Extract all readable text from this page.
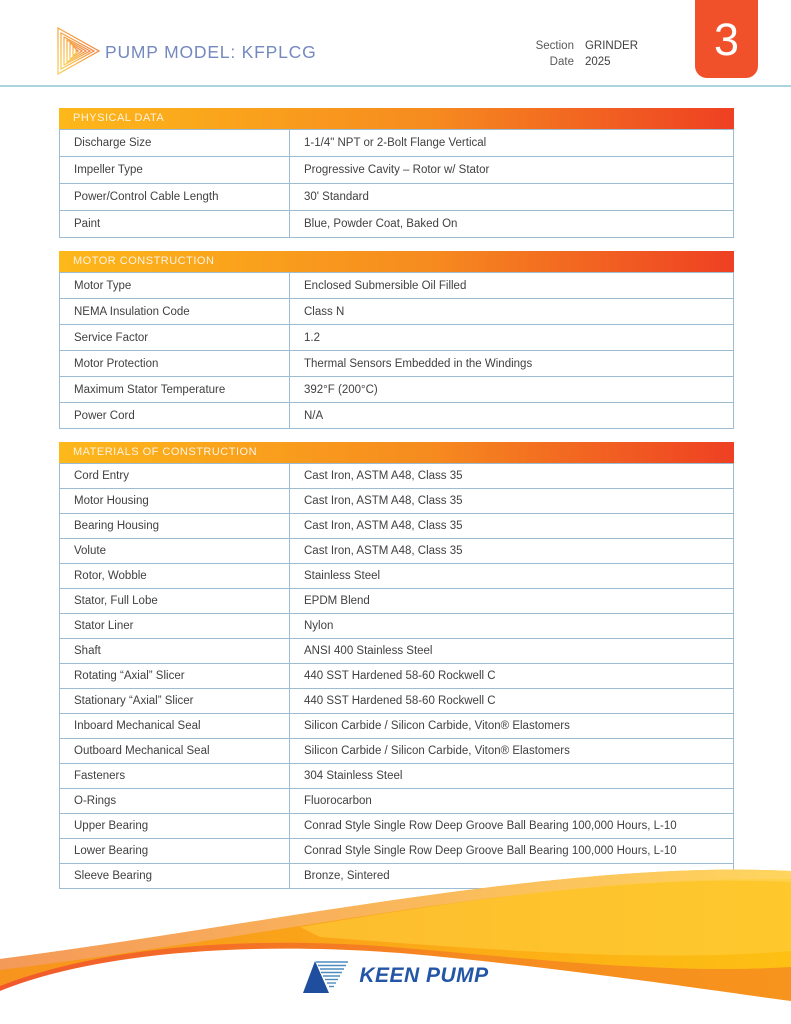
PUMP MODEL: KFPLCG	Section GRINDER
Date 2025	3
PHYSICAL DATA
Discharge Size	1-1/4" NPT or 2-Bolt Flange Vertical
Impeller Type	Progressive Cavity – Rotor w/ Stator
Power/Control Cable Length	30' Standard
Paint	Blue, Powder Coat, Baked On
MOTOR CONSTRUCTION
Motor Type	Enclosed Submersible Oil Filled
NEMA Insulation Code	Class N
Service Factor	1.2
Motor Protection	Thermal Sensors Embedded in the Windings
Maximum Stator Temperature	392°F (200°C)
Power Cord	N/A
MATERIALS OF CONSTRUCTION
Cord Entry	Cast Iron, ASTM A48, Class 35
Motor Housing	Cast Iron, ASTM A48, Class 35
Bearing Housing	Cast Iron, ASTM A48, Class 35
Volute	Cast Iron, ASTM A48, Class 35
Rotor, Wobble	Stainless Steel
Stator, Full Lobe	EPDM Blend
Stator Liner	Nylon
Shaft	ANSI 400 Stainless Steel
Rotating “Axial” Slicer	440 SST Hardened 58-60 Rockwell C
Stationary “Axial” Slicer	440 SST Hardened 58-60 Rockwell C
Inboard Mechanical Seal	Silicon Carbide / Silicon Carbide, Viton® Elastomers
Outboard Mechanical Seal	Silicon Carbide / Silicon Carbide, Viton® Elastomers
Fasteners	304 Stainless Steel
O-Rings	Fluorocarbon
Upper Bearing	Conrad Style Single Row Deep Groove Ball Bearing 100,000 Hours, L-10
Lower Bearing	Conrad Style Single Row Deep Groove Ball Bearing 100,000 Hours, L-10
Sleeve Bearing	Bronze, Sintered
KEEN PUMP
